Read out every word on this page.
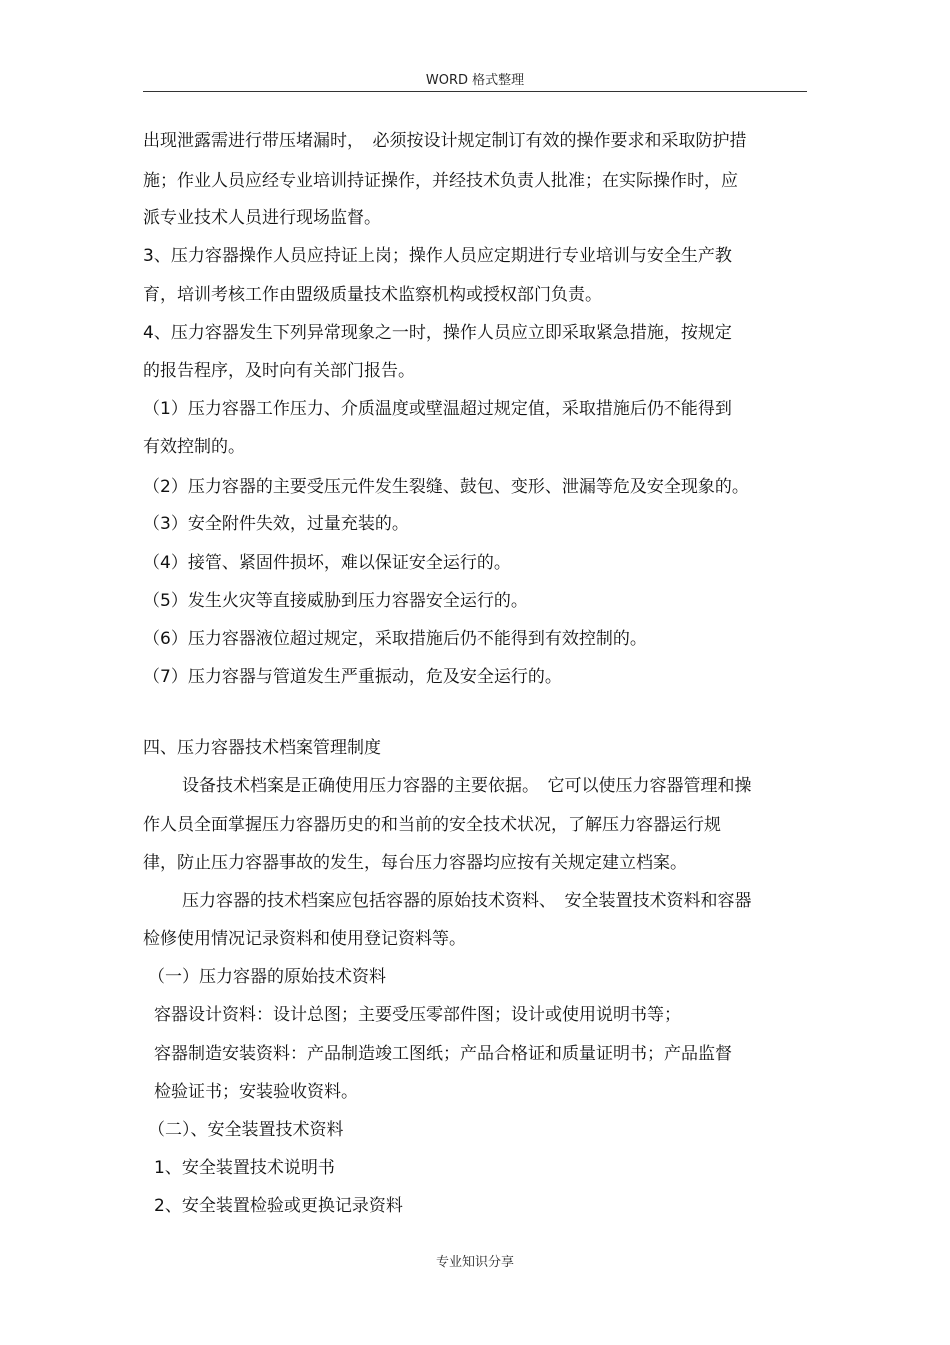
WORD 格式整理
出现泄露需进行带压堵漏时，　必须按设计规定制订有效的操作要求和采取防护措
施；作业人员应经专业培训持证操作，并经技术负责人批准；在实际操作时，应
派专业技术人员进行现场监督。
3、压力容器操作人员应持证上岗；操作人员应定期进行专业培训与安全生产教
育，培训考核工作由盟级质量技术监察机构或授权部门负责。
4、压力容器发生下列异常现象之一时，操作人员应立即采取紧急措施，按规定
的报告程序，及时向有关部门报告。
（1）压力容器工作压力、介质温度或壁温超过规定值，采取措施后仍不能得到
有效控制的。
（2）压力容器的主要受压元件发生裂缝、鼓包、变形、泄漏等危及安全现象的。
（3）安全附件失效，过量充装的。
（4）接管、紧固件损坏，难以保证安全运行的。
（5）发生火灾等直接威胁到压力容器安全运行的。
（6）压力容器液位超过规定，采取措施后仍不能得到有效控制的。
（7）压力容器与管道发生严重振动，危及安全运行的。
四、压力容器技术档案管理制度
设备技术档案是正确使用压力容器的主要依据。　它可以使压力容器管理和操
作人员全面掌握压力容器历史的和当前的安全技术状况，了解压力容器运行规
律，防止压力容器事故的发生，每台压力容器均应按有关规定建立档案。
压力容器的技术档案应包括容器的原始技术资料、　安全装置技术资料和容器
检修使用情况记录资料和使用登记资料等。
（一）压力容器的原始技术资料
容器设计资料：设计总图；主要受压零部件图；设计或使用说明书等；
容器制造安装资料：产品制造竣工图纸；产品合格证和质量证明书；产品监督
检验证书；安装验收资料。
（二）、安全装置技术资料
1、安全装置技术说明书
2、安全装置检验或更换记录资料
专业知识分享
